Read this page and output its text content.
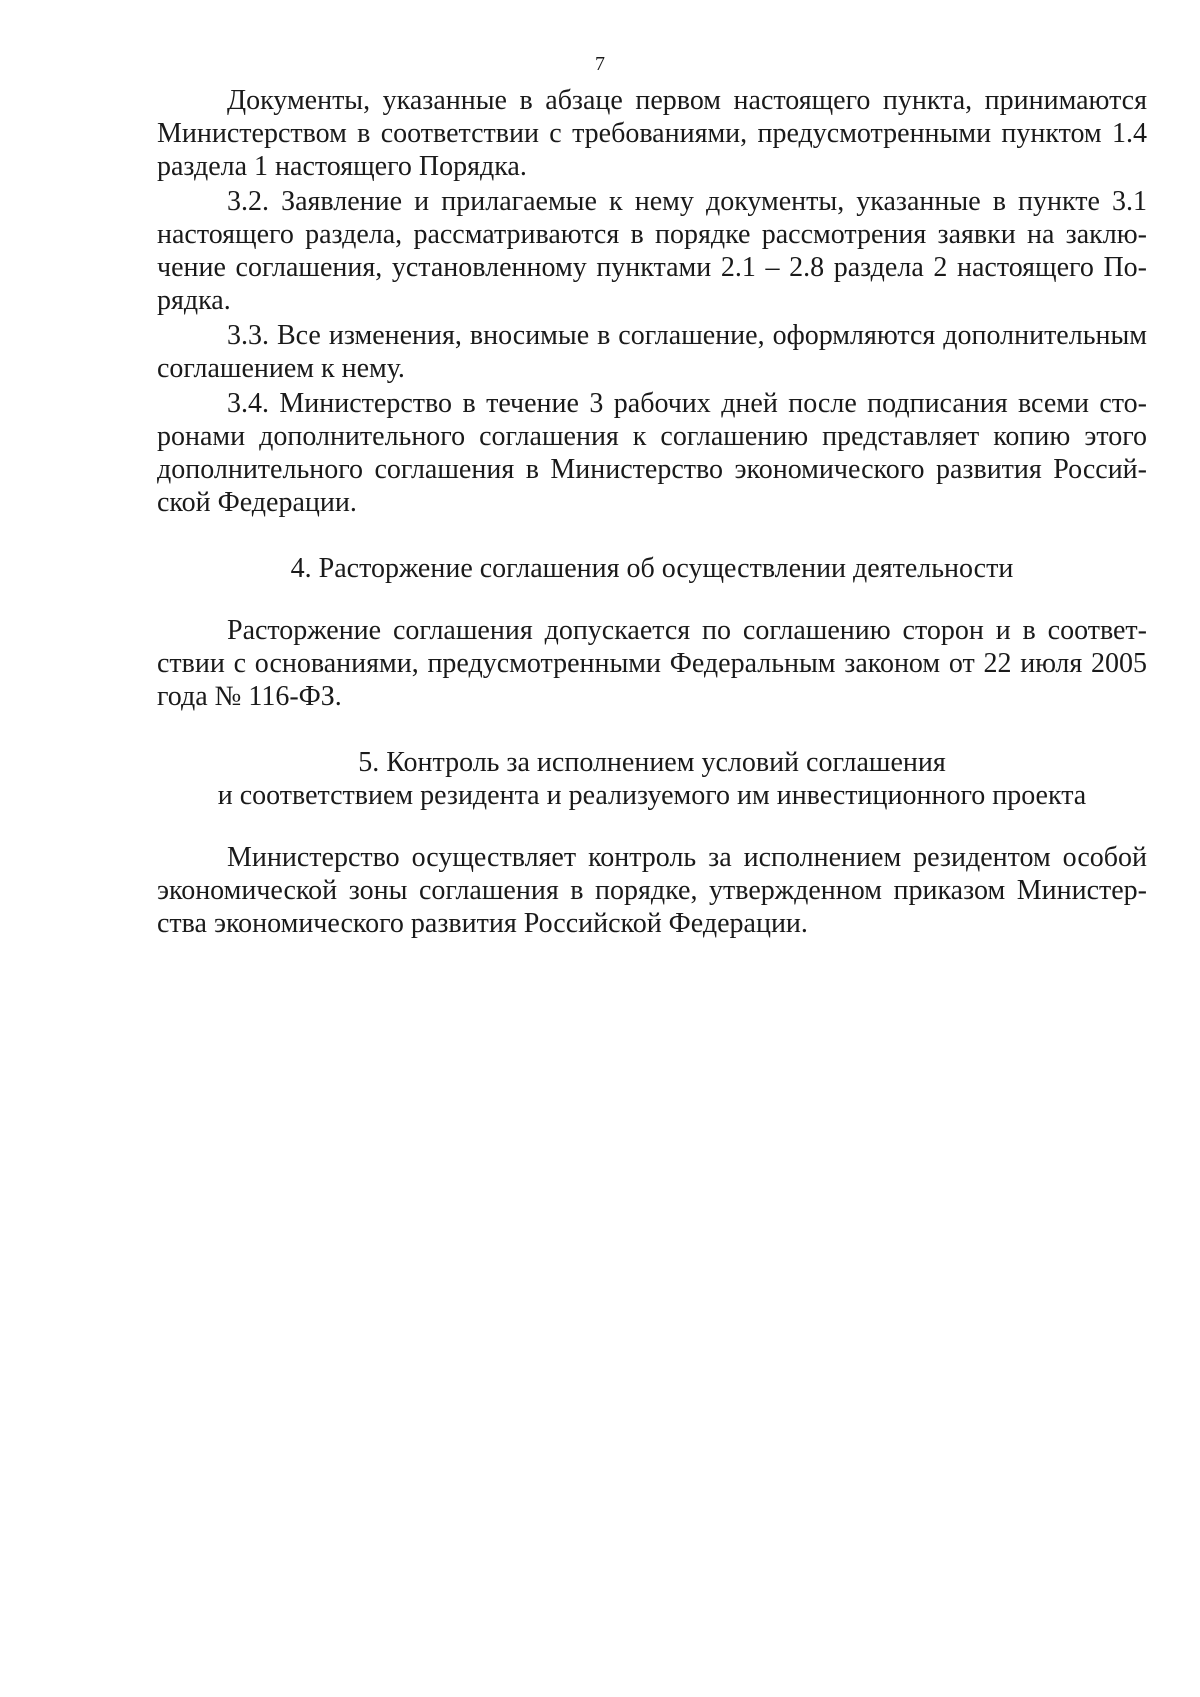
7

Документы, указанные в абзаце первом настоящего пункта, принимаются Министерством в соответствии с требованиями, предусмотренными пунктом 1.4 раздела 1 настоящего Порядка.

3.2. Заявление и прилагаемые к нему документы, указанные в пункте 3.1 настоящего раздела, рассматриваются в порядке рассмотрения заявки на заключение соглашения, установленному пунктами 2.1 – 2.8 раздела 2 настоящего Порядка.

3.3. Все изменения, вносимые в соглашение, оформляются дополнительным соглашением к нему.

3.4. Министерство в течение 3 рабочих дней после подписания всеми сторонами дополнительного соглашения к соглашению представляет копию этого дополнительного соглашения в Министерство экономического развития Российской Федерации.

4. Расторжение соглашения об осуществлении деятельности

Расторжение соглашения допускается по соглашению сторон и в соответствии с основаниями, предусмотренными Федеральным законом от 22 июля 2005 года № 116-ФЗ.

5. Контроль за исполнением условий соглашения

и соответствием резидента и реализуемого им инвестиционного проекта

Министерство осуществляет контроль за исполнением резидентом особой экономической зоны соглашения в порядке, утвержденном приказом Министерства экономического развития Российской Федерации.
